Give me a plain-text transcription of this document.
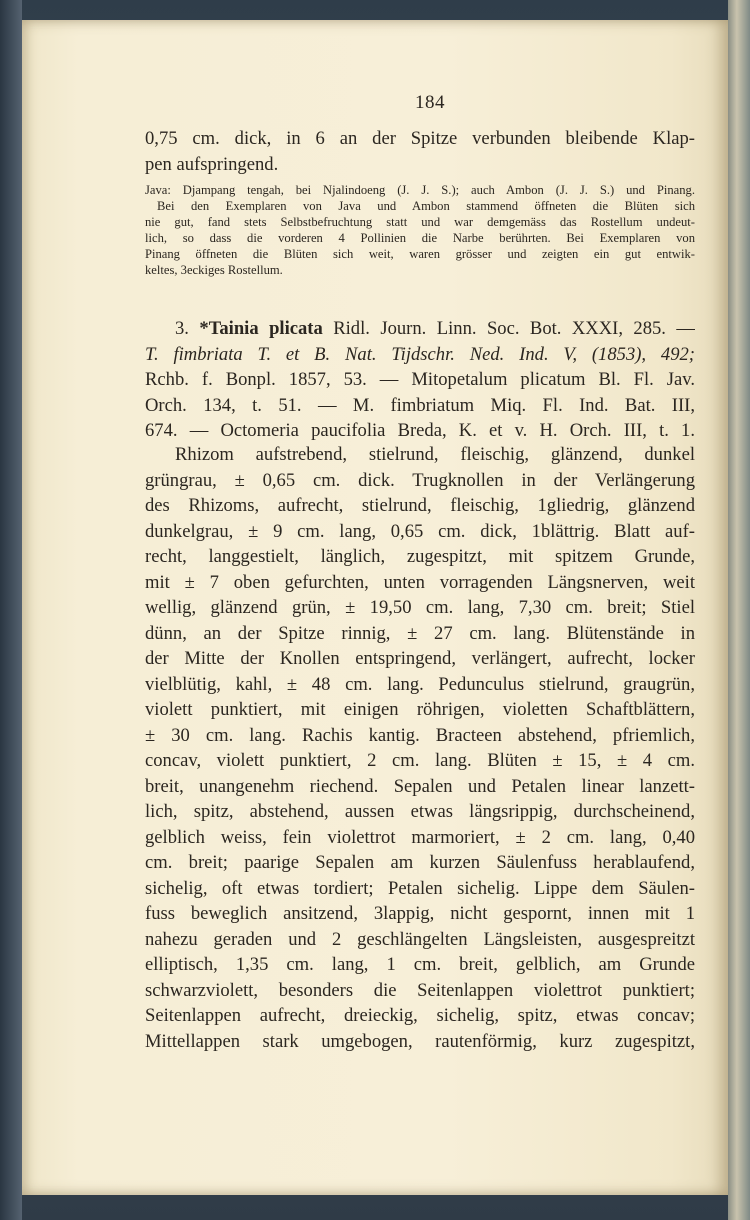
184
0,75 cm. dick, in 6 an der Spitze verbunden bleibende Klap-
pen aufspringend.
Java: Djampang tengah, bei Njalindoeng (J. J. S.); auch Ambon (J. J. S.) und Pinang.
Bei den Exemplaren von Java und Ambon stammend öffneten die Blüten sich
nie gut, fand stets Selbstbefruchtung statt und war demgemäss das Rostellum undeut-
lich, so dass die vorderen 4 Pollinien die Narbe berührten. Bei Exemplaren von
Pinang öffneten die Blüten sich weit, waren grösser und zeigten ein gut entwik-
keltes, 3eckiges Rostellum.
3. *Tainia plicata Ridl. Journ. Linn. Soc. Bot. XXXI, 285. —
T. fimbriata T. et B. Nat. Tijdschr. Ned. Ind. V, (1853), 492;
Rchb. f. Bonpl. 1857, 53. — Mitopetalum plicatum Bl. Fl. Jav.
Orch. 134, t. 51. — M. fimbriatum Miq. Fl. Ind. Bat. III,
674. — Octomeria paucifolia Breda, K. et v. H. Orch. III, t. 1.
Rhizom aufstrebend, stielrund, fleischig, glänzend, dunkel
grüngrau, ± 0,65 cm. dick. Trugknollen in der Verlängerung
des Rhizoms, aufrecht, stielrund, fleischig, 1gliedrig, glänzend
dunkelgrau, ± 9 cm. lang, 0,65 cm. dick, 1blättrig. Blatt auf-
recht, langgestielt, länglich, zugespitzt, mit spitzem Grunde,
mit ± 7 oben gefurchten, unten vorragenden Längsnerven, weit
wellig, glänzend grün, ± 19,50 cm. lang, 7,30 cm. breit; Stiel
dünn, an der Spitze rinnig, ± 27 cm. lang. Blütenstände in
der Mitte der Knollen entspringend, verlängert, aufrecht, locker
vielblütig, kahl, ± 48 cm. lang. Pedunculus stielrund, graugrün,
violett punktiert, mit einigen röhrigen, violetten Schaftblättern,
± 30 cm. lang. Rachis kantig. Bracteen abstehend, pfriemlich,
concav, violett punktiert, 2 cm. lang. Blüten ± 15, ± 4 cm.
breit, unangenehm riechend. Sepalen und Petalen linear lanzett-
lich, spitz, abstehend, aussen etwas längsrippig, durchscheinend,
gelblich weiss, fein violettrot marmoriert, ± 2 cm. lang, 0,40
cm. breit; paarige Sepalen am kurzen Säulenfuss herablaufend,
sichelig, oft etwas tordiert; Petalen sichelig. Lippe dem Säulen-
fuss beweglich ansitzend, 3lappig, nicht gespornt, innen mit 1
nahezu geraden und 2 geschlängelten Längsleisten, ausgespreitzt
elliptisch, 1,35 cm. lang, 1 cm. breit, gelblich, am Grunde
schwarzviolett, besonders die Seitenlappen violettrot punktiert;
Seitenlappen aufrecht, dreieckig, sichelig, spitz, etwas concav;
Mittellappen stark umgebogen, rautenförmig, kurz zugespitzt,
